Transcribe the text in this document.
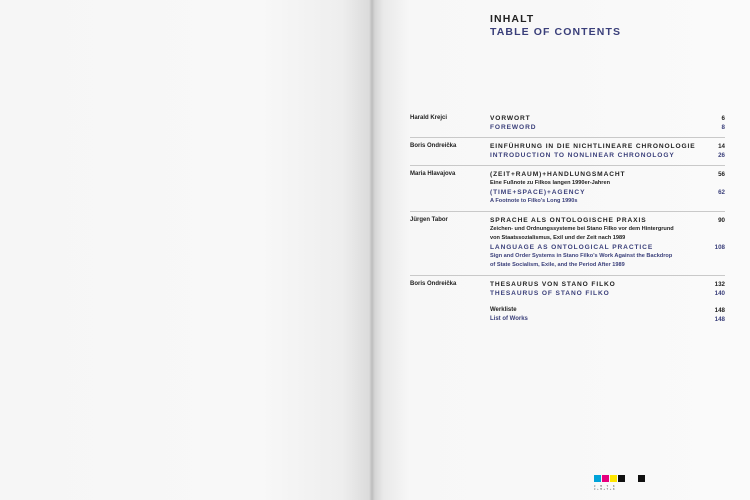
INHALT
TABLE OF CONTENTS
Harald Krejci	VORWORT	6
FOREWORD	8
Boris Ondreička	EINFÜHRUNG IN DIE NICHTLINEARE CHRONOLOGIE	14
INTRODUCTION TO NONLINEAR CHRONOLOGY	26
Maria Hlavajova	(ZEIT+RAUM)+HANDLUNGSMACHT	56
Eine Fußnote zu Filkos langen 1990er-Jahren
(TIME+SPACE)+AGENCY	62
A Footnote to Filko's Long 1990s
Jürgen Tabor	SPRACHE ALS ONTOLOGISCHE PRAXIS	90
Zeichen- und Ordnungssysteme bei Stano Filko vor dem Hintergrund
von Staatssozialismus, Exil und der Zeit nach 1989
LANGUAGE AS ONTOLOGICAL PRACTICE	108
Sign and Order Systems in Stano Filko's Work Against the Backdrop
of State Socialism, Exile, and the Period After 1989
Boris Ondreička	THESAURUS VON STANO FILKO	132
THESAURUS OF STANO FILKO	140
Werkliste	148
List of Works	148
C M Y K C+M+Y+K
